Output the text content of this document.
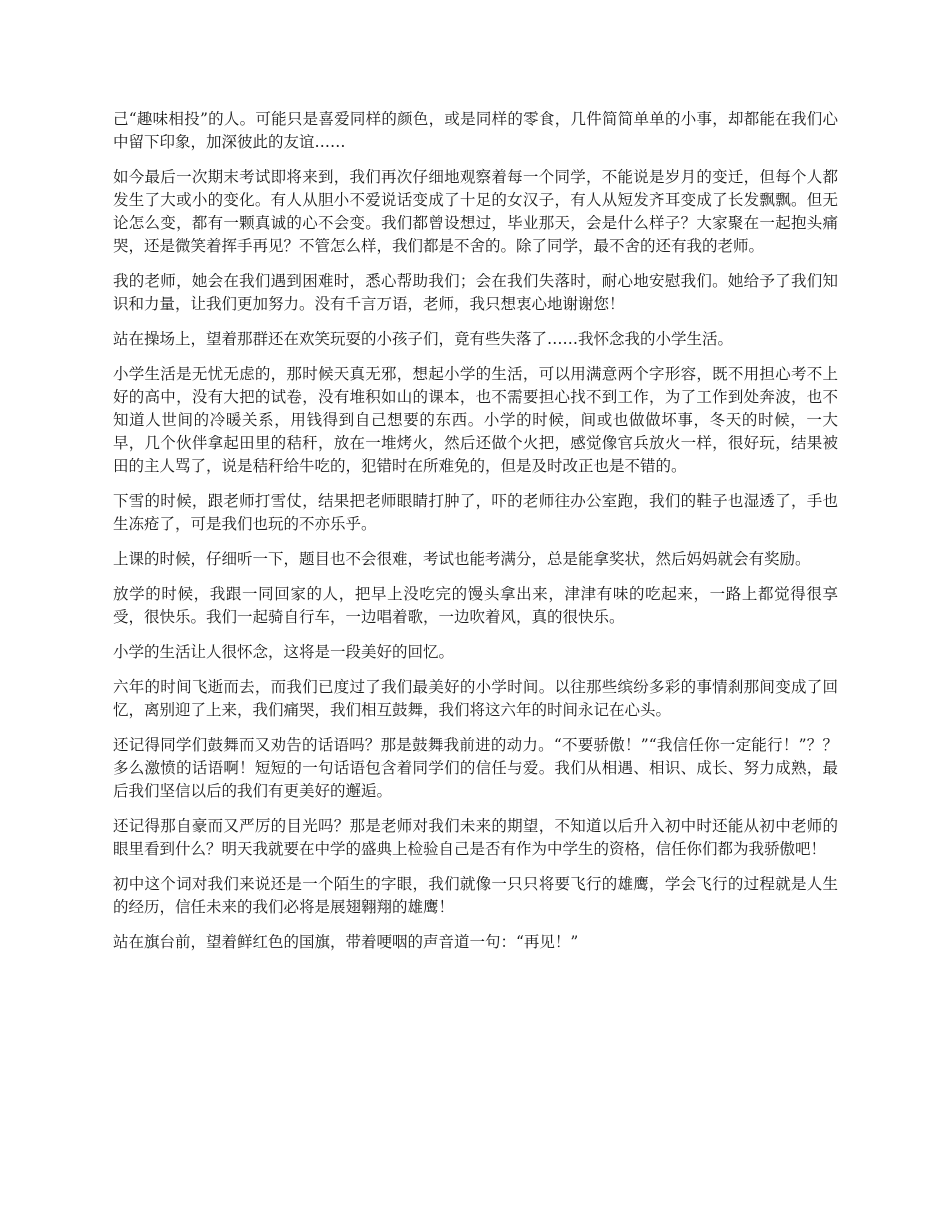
己“趣味相投”的人。可能只是喜爱同样的颜色，或是同样的零食，几件简简单单的小事，却都能在我们心中留下印象，加深彼此的友谊……

如今最后一次期末考试即将来到，我们再次仔细地观察着每一个同学，不能说是岁月的变迁，但每个人都发生了大或小的变化。有人从胆小不爱说话变成了十足的女汉子，有人从短发齐耳变成了长发飘飘。但无论怎么变，都有一颗真诚的心不会变。我们都曾设想过，毕业那天，会是什么样子？大家聚在一起抱头痛哭，还是微笑着挥手再见？不管怎么样，我们都是不舍的。除了同学，最不舍的还有我的老师。

我的老师，她会在我们遇到困难时，悉心帮助我们；会在我们失落时，耐心地安慰我们。她给予了我们知识和力量，让我们更加努力。没有千言万语，老师，我只想衷心地谢谢您！

站在操场上，望着那群还在欢笑玩耍的小孩子们，竟有些失落了……我怀念我的小学生活。

小学生活是无忧无虑的，那时候天真无邪，想起小学的生活，可以用满意两个字形容，既不用担心考不上好的高中，没有大把的试卷，没有堆积如山的课本，也不需要担心找不到工作，为了工作到处奔波，也不知道人世间的冷暖关系，用钱得到自己想要的东西。小学的时候，间或也做做坏事，冬天的时候，一大早，几个伙伴拿起田里的秸秆，放在一堆烤火，然后还做个火把，感觉像官兵放火一样，很好玩，结果被田的主人骂了，说是秸秆给牛吃的，犯错时在所难免的，但是及时改正也是不错的。

下雪的时候，跟老师打雪仗，结果把老师眼睛打肿了，吓的老师往办公室跑，我们的鞋子也湿透了，手也生冻疮了，可是我们也玩的不亦乐乎。

上课的时候，仔细听一下，题目也不会很难，考试也能考满分，总是能拿奖状，然后妈妈就会有奖励。

放学的时候，我跟一同回家的人，把早上没吃完的馒头拿出来，津津有味的吃起来，一路上都觉得很享受，很快乐。我们一起骑自行车，一边唱着歌，一边吹着风，真的很快乐。

小学的生活让人很怀念，这将是一段美好的回忆。

六年的时间飞逝而去，而我们已度过了我们最美好的小学时间。以往那些缤纷多彩的事情刹那间变成了回忆，离别迎了上来，我们痛哭，我们相互鼓舞，我们将这六年的时间永记在心头。

还记得同学们鼓舞而又劝告的话语吗？那是鼓舞我前进的动力。“不要骄傲！”“我信任你一定能行！”？？多么激愤的话语啊！短短的一句话语包含着同学们的信任与爱。我们从相遇、相识、成长、努力成熟，最后我们坚信以后的我们有更美好的邂逅。

还记得那自豪而又严厉的目光吗？那是老师对我们未来的期望，不知道以后升入初中时还能从初中老师的眼里看到什么？明天我就要在中学的盛典上检验自己是否有作为中学生的资格，信任你们都为我骄傲吧！

初中这个词对我们来说还是一个陌生的字眼，我们就像一只只将要飞行的雄鹰，学会飞行的过程就是人生的经历，信任未来的我们必将是展翅翱翔的雄鹰！

站在旗台前，望着鲜红色的国旗，带着哽咽的声音道一句：“再见！”
